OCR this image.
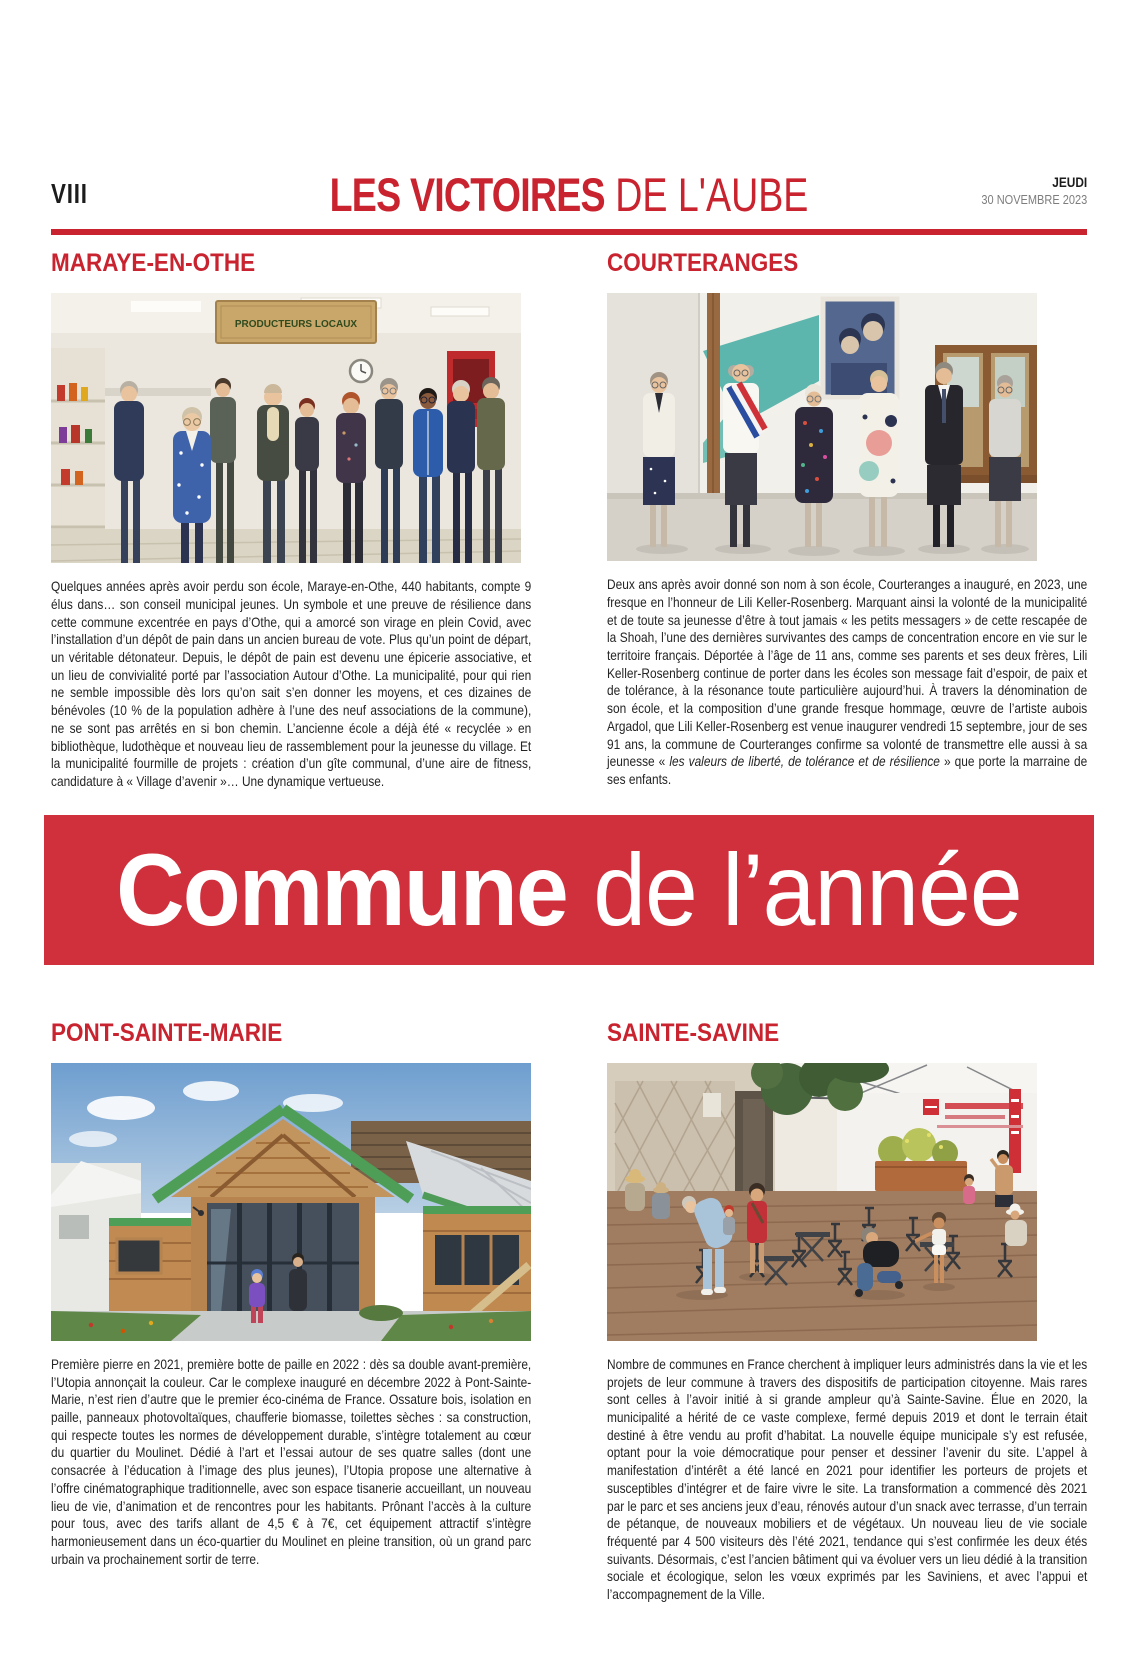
VIII	LES VICTOIRES DE L'AUBE	JEUDI
30 NOVEMBRE 2023
MARAYE-EN-OTHE
PRODUCTEURS LOCAUX

Quelques années après avoir perdu son école, Maraye-en-Othe, 440 habitants, compte 9 élus dans… son conseil municipal jeunes. Un symbole et une preuve de résilience dans cette commune excentrée en pays d’Othe, qui a amorcé son virage en plein Covid, avec l’installation d’un dépôt de pain dans un ancien bureau de vote. Plus qu’un point de départ, un véritable détonateur. Depuis, le dépôt de pain est devenu une épicerie associative, et un lieu de convivialité porté par l’association Autour d’Othe. La municipalité, pour qui rien ne semble impossible dès lors qu’on sait s’en donner les moyens, et ces dizaines de bénévoles (10 % de la population adhère à l’une des neuf associations de la commune), ne se sont pas arrêtés en si bon chemin. L’ancienne école a déjà été « recyclée » en bibliothèque, ludothèque et nouveau lieu de rassemblement pour la jeunesse du village. Et la municipalité fourmille de projets : création d’un gîte communal, d’une aire de fitness, candidature à « Village d’avenir »… Une dynamique vertueuse.

COURTERANGES

Deux ans après avoir donné son nom à son école, Courteranges a inauguré, en 2023, une fresque en l’honneur de Lili Keller-Rosenberg. Marquant ainsi la volonté de la municipalité et de toute sa jeunesse d’être à tout jamais « les petits messagers » de cette rescapée de la Shoah, l’une des dernières survivantes des camps de concentration encore en vie sur le territoire français. Déportée à l’âge de 11 ans, comme ses parents et ses deux frères, Lili Keller-Rosenberg continue de porter dans les écoles son message fait d’espoir, de paix et de tolérance, à la résonance toute particulière aujourd’hui. À travers la dénomination de son école, et la composition d’une grande fresque hommage, œuvre de l’artiste aubois Argadol, que Lili Keller-Rosenberg est venue inaugurer vendredi 15 septembre, jour de ses 91 ans, la commune de Courteranges confirme sa volonté de transmettre elle aussi à sa jeunesse « les valeurs de liberté, de tolérance et de résilience » que porte la marraine de ses enfants.

Commune de l’année
PONT-SAINTE-MARIE

Première pierre en 2021, première botte de paille en 2022 : dès sa double avant-première, l’Utopia annonçait la couleur. Car le complexe inauguré en décembre 2022 à Pont-Sainte-Marie, n’est rien d’autre que le premier éco-cinéma de France. Ossature bois, isolation en paille, panneaux photovoltaïques, chaufferie biomasse, toilettes sèches : sa construction, qui respecte toutes les normes de développement durable, s’intègre totalement au cœur du quartier du Moulinet. Dédié à l’art et l’essai autour de ses quatre salles (dont une consacrée à l’éducation à l’image des plus jeunes), l’Utopia propose une alternative à l’offre cinématographique traditionnelle, avec son espace tisanerie accueillant, un nouveau lieu de vie, d’animation et de rencontres pour les habitants. Prônant l’accès à la culture pour tous, avec des tarifs allant de 4,5 € à 7€, cet équipement attractif s’intègre harmonieusement dans un éco-quartier du Moulinet en pleine transition, où un grand parc urbain va prochainement sortir de terre.

SAINTE-SAVINE

Nombre de communes en France cherchent à impliquer leurs administrés dans la vie et les projets de leur commune à travers des dispositifs de participation citoyenne. Mais rares sont celles à l’avoir initié à si grande ampleur qu’à Sainte-Savine. Élue en 2020, la municipalité a hérité de ce vaste complexe, fermé depuis 2019 et dont le terrain était destiné à être vendu au profit d’habitat. La nouvelle équipe municipale s’y est refusée, optant pour la voie démocratique pour penser et dessiner l’avenir du site. L’appel à manifestation d’intérêt a été lancé en 2021 pour identifier les porteurs de projets et susceptibles d’intégrer et de faire vivre le site. La transformation a commencé dès 2021 par le parc et ses anciens jeux d’eau, rénovés autour d’un snack avec terrasse, d’un terrain de pétanque, de nouveaux mobiliers et de végétaux. Un nouveau lieu de vie sociale fréquenté par 4 500 visiteurs dès l’été 2021, tendance qui s’est confirmée les deux étés suivants. Désormais, c’est l’ancien bâtiment qui va évoluer vers un lieu dédié à la transition sociale et écologique, selon les vœux exprimés par les Saviniens, et avec l’appui et l’accompagnement de la Ville.
